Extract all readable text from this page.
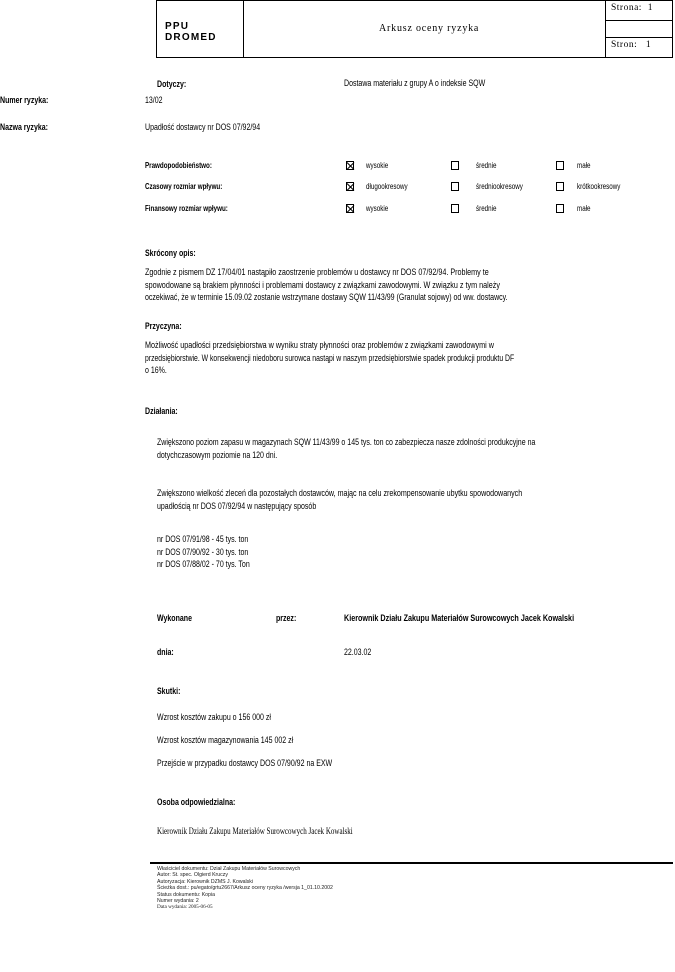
PPU DROMED
Arkusz oceny ryzyka
Strona: 1
Stron: 1
Dotyczy:	Dostawa materiału z grupy A o indeksie SQW
Numer ryzyka:	13/02
Nazwa ryzyka:	Upadłość dostawcy nr DOS 07/92/94
Prawdopodobieństwo:	wysokie	średnie	małe
Czasowy rozmiar wpływu:	długookresowy	średniookresowy	krótkookresowy
Finansowy rozmiar wpływu:	wysokie	średnie	małe
Skrócony opis:
Zgodnie z pismem DZ 17/04/01 nastąpiło zaostrzenie problemów u dostawcy nr DOS 07/92/94. Problemy te
spowodowane są brakiem płynności i problemami dostawcy z związkami zawodowymi. W związku z tym należy
oczekiwać, że w terminie 15.09.02 zostanie wstrzymane dostawy SQW 11/43/99 (Granulat sojowy) od ww. dostawcy.
Przyczyna:
Możliwość upadłości przedsiębiorstwa w wyniku straty płynności oraz problemów z związkami zawodowymi w
przedsiębiorstwie. W konsekwencji niedoboru surowca nastąpi w naszym przedsiębiorstwie spadek produkcji produktu DF
o 16%.
Działania:
Zwiększono poziom zapasu w magazynach SQW 11/43/99 o 145 tys. ton co zabezpiecza nasze zdolności produkcyjne na
dotychczasowym poziomie na 120 dni.
Zwiększono wielkość zleceń dla pozostałych dostawców, mając na celu zrekompensowanie ubytku spowodowanych
upadłością nr DOS 07/92/94 w następujący sposób
nr DOS 07/91/98 - 45 tys. ton
nr DOS 07/90/92 - 30 tys. ton
nr DOS 07/88/02 - 70 tys. Ton
Wykonane	przez:	Kierownik Działu Zakupu Materiałów Surowcowych Jacek Kowalski
dnia:	22.03.02
Skutki:
Wzrost kosztów zakupu o 156 000 zł
Wzrost kosztów magazynowania 145 002 zł
Przejście w przypadku dostawcy DOS 07/90/92 na EXW
Osoba odpowiedzialna:
Kierownik Działu Zakupu Materiałów Surowcowych Jacek Kowalski
Właściciel dokumentu: Dział Zakupu Materiałów Surowcowych
Autor: St. spec. Olgierd Kruczy
Autoryzacja: Kierownik DZMS J. Kowalski
Ścieżka dost.: pu/egato/grtu2667/Arkusz oceny ryzyka /wersja 1_01.10.2002
Status dokumentu: Kopia
Numer wydania: 2
Data wydania: 2005-06-05
